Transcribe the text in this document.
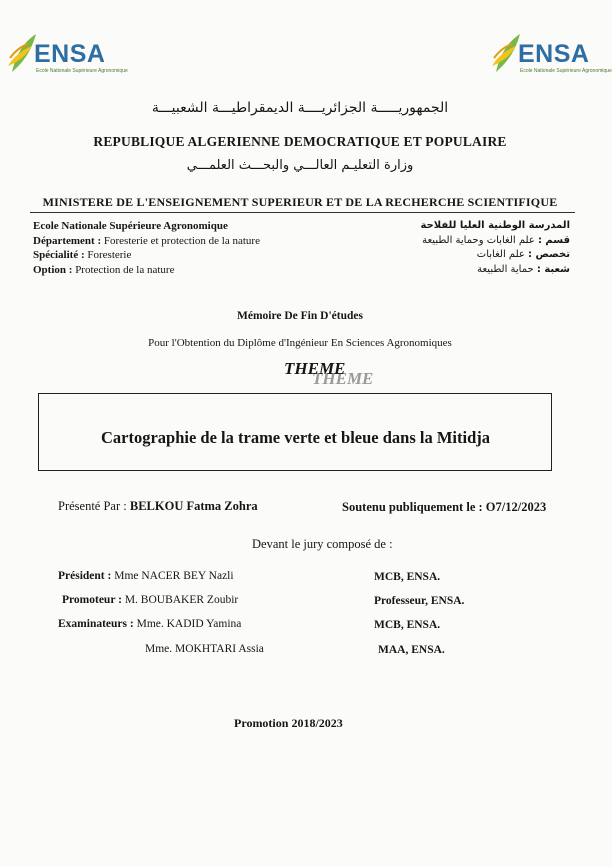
ENSA
Ecole Nationale Supérieure Agronomique
ENSA
Ecole Nationale Supérieure Agronomique
الجمهوريـــــة الجزائريــــة الديمقراطيـــة الشعبيـــة
REPUBLIQUE ALGERIENNE DEMOCRATIQUE ET POPULAIRE
وزارة التعليـم العالـــي والبحـــث العلمـــي
MINISTERE DE L'ENSEIGNEMENT SUPERIEUR ET DE LA RECHERCHE SCIENTIFIQUE
Ecole Nationale Supérieure Agronomique
Département : Foresterie et protection de la nature
Spécialité : Foresterie
Option : Protection de la nature
المدرسة الوطنية العليا للفلاحة
قسم : علم الغابات وحماية الطبيعة
تخصص : علم الغابات
شعبة : حماية الطبيعة
Mémoire De Fin D'études
Pour l'Obtention du Diplôme d'Ingénieur En Sciences Agronomiques
THEME
THEME
Cartographie de la trame verte et bleue dans la Mitidja
Présenté Par : BELKOU Fatma Zohra	Soutenu publiquement le : O7/12/2023
Devant le jury composé de :
Président : Mme NACER BEY Nazli	MCB, ENSA.
Promoteur : M. BOUBAKER Zoubir	Professeur, ENSA.
Examinateurs : Mme. KADID Yamina	MCB, ENSA.
Mme. MOKHTARI Assia	MAA, ENSA.
Promotion 2018/2023
